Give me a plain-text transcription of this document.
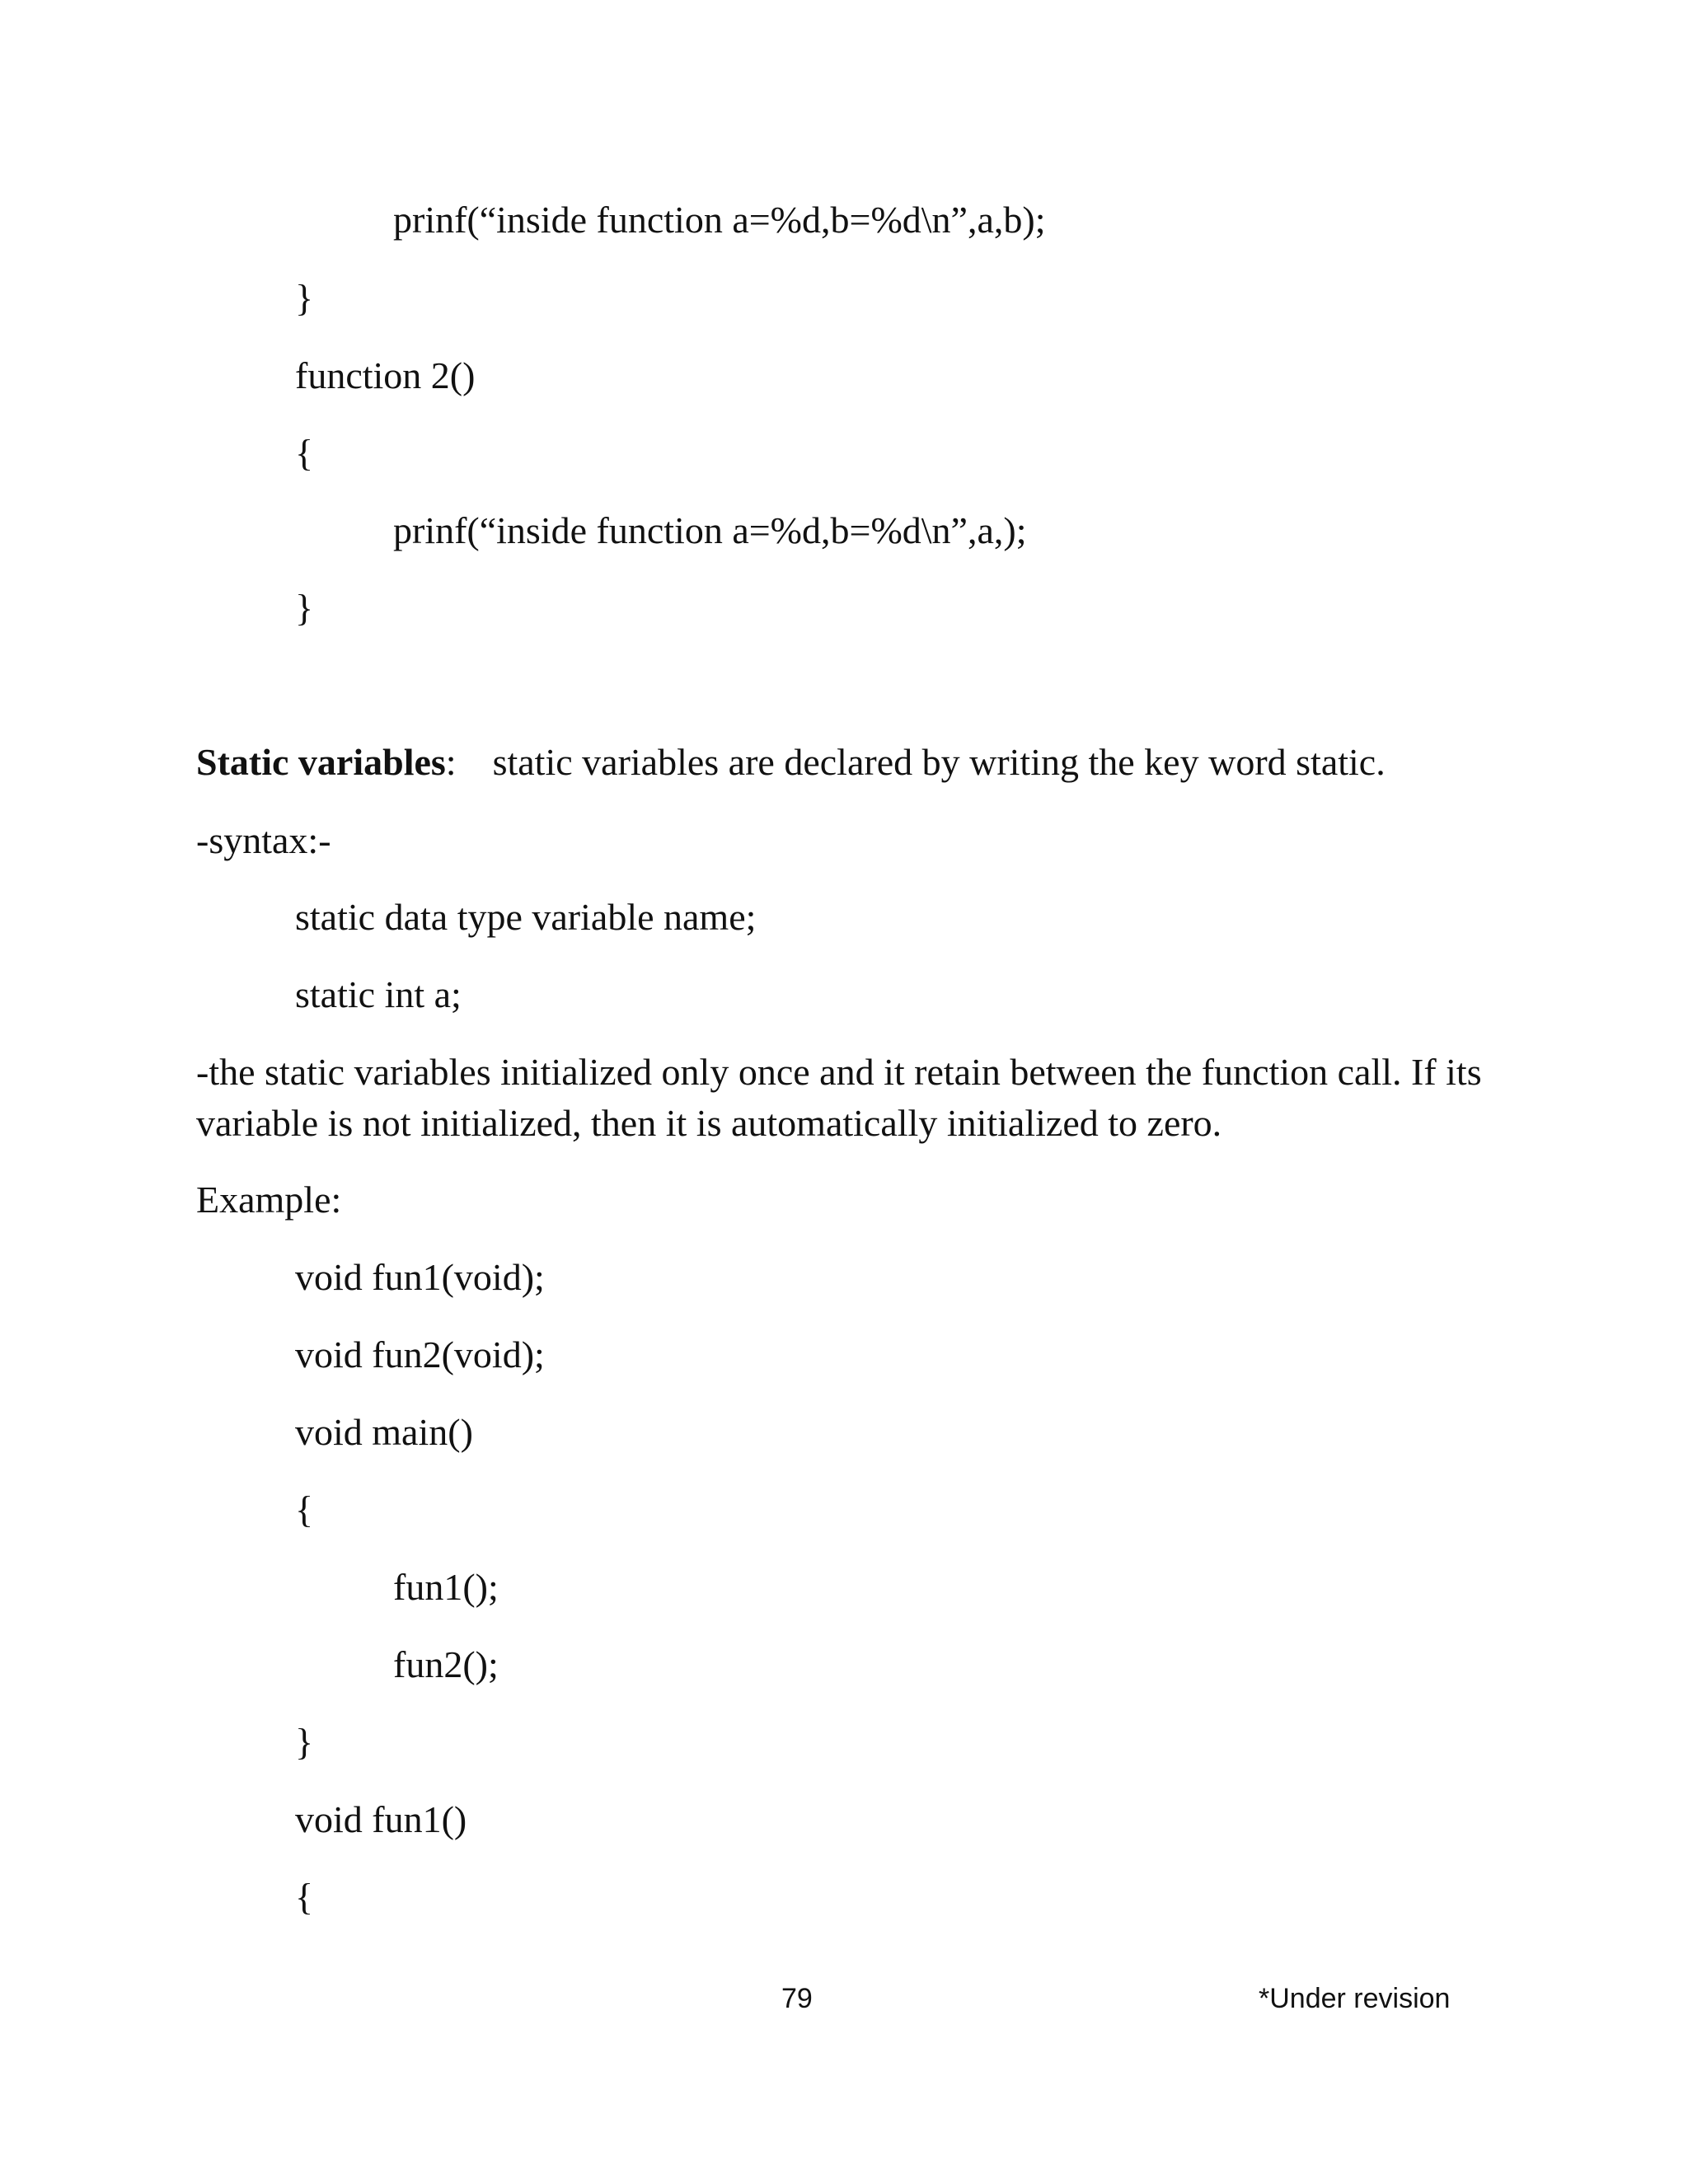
prinf(“inside function a=%d,b=%d\n”,a,b);
}
function 2()
{
prinf(“inside function a=%d,b=%d\n”,a,);
}
Static variables: static variables are declared by writing the key word static.
-syntax:-
static data type variable name;
static int a;
-the static variables initialized only once and it retain between the function call. If its variable is not initialized, then it is automatically initialized to zero.
Example:
void fun1(void);
void fun2(void);
void main()
{
fun1();
fun2();
}
void fun1()
{
79	*Under revision
